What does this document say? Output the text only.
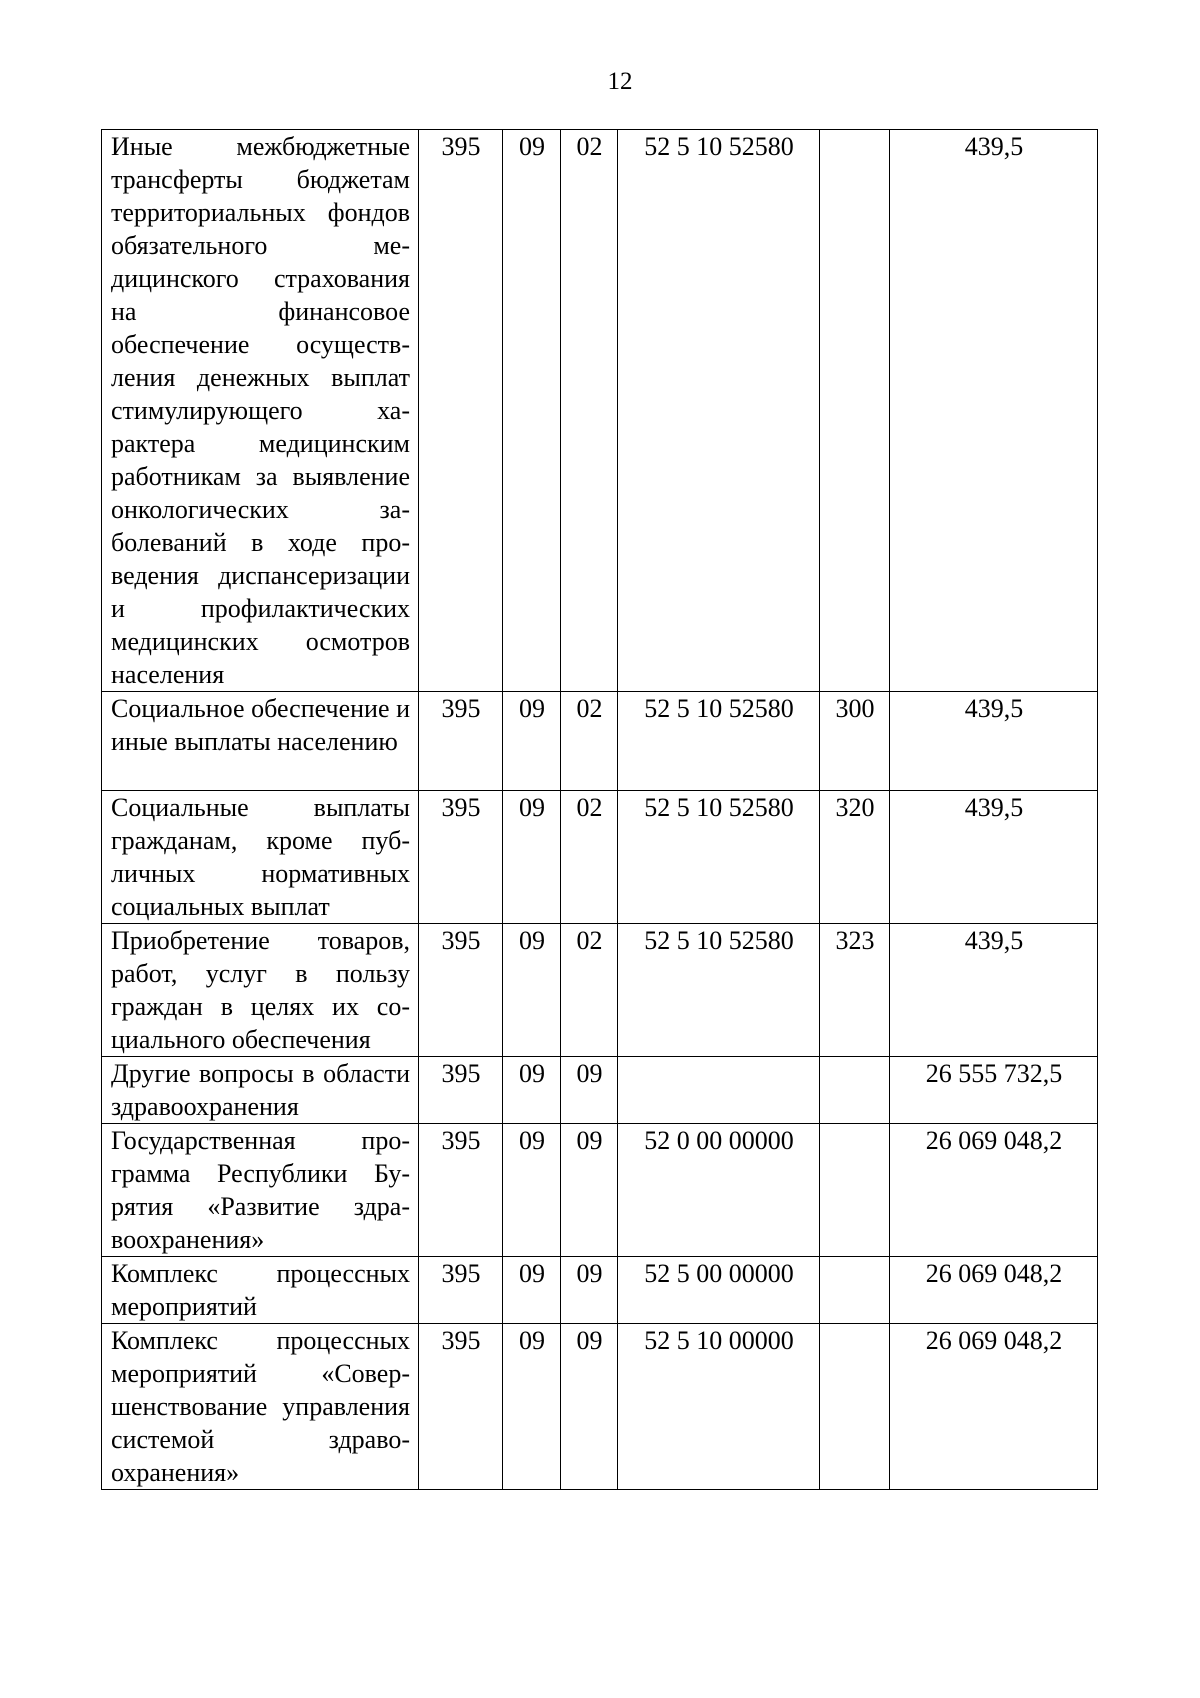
12
Иные межбюджетные трансферты бюджетам территориальных фондов обязательного медицинского страхования на финансовое обеспечение осуществления денежных выплат стимулирующего характера медицинским работникам за выявление онкологических заболеваний в ходе проведения диспансеризации и профилактических медицинских осмотров населения	395	09	02	52 5 10 52580		439,5
Социальное обеспечение и иные выплаты населению	395	09	02	52 5 10 52580	300	439,5
Социальные выплаты гражданам, кроме публичных нормативных социальных выплат	395	09	02	52 5 10 52580	320	439,5
Приобретение товаров, работ, услуг в пользу граждан в целях их социального обеспечения	395	09	02	52 5 10 52580	323	439,5
Другие вопросы в области здравоохранения	395	09	09			26 555 732,5
Государственная программа Республики Бурятия «Развитие здравоохранения»	395	09	09	52 0 00 00000		26 069 048,2
Комплекс процессных мероприятий	395	09	09	52 5 00 00000		26 069 048,2
Комплекс процессных мероприятий «Совершенствование управления системой здравоохранения»	395	09	09	52 5 10 00000		26 069 048,2
